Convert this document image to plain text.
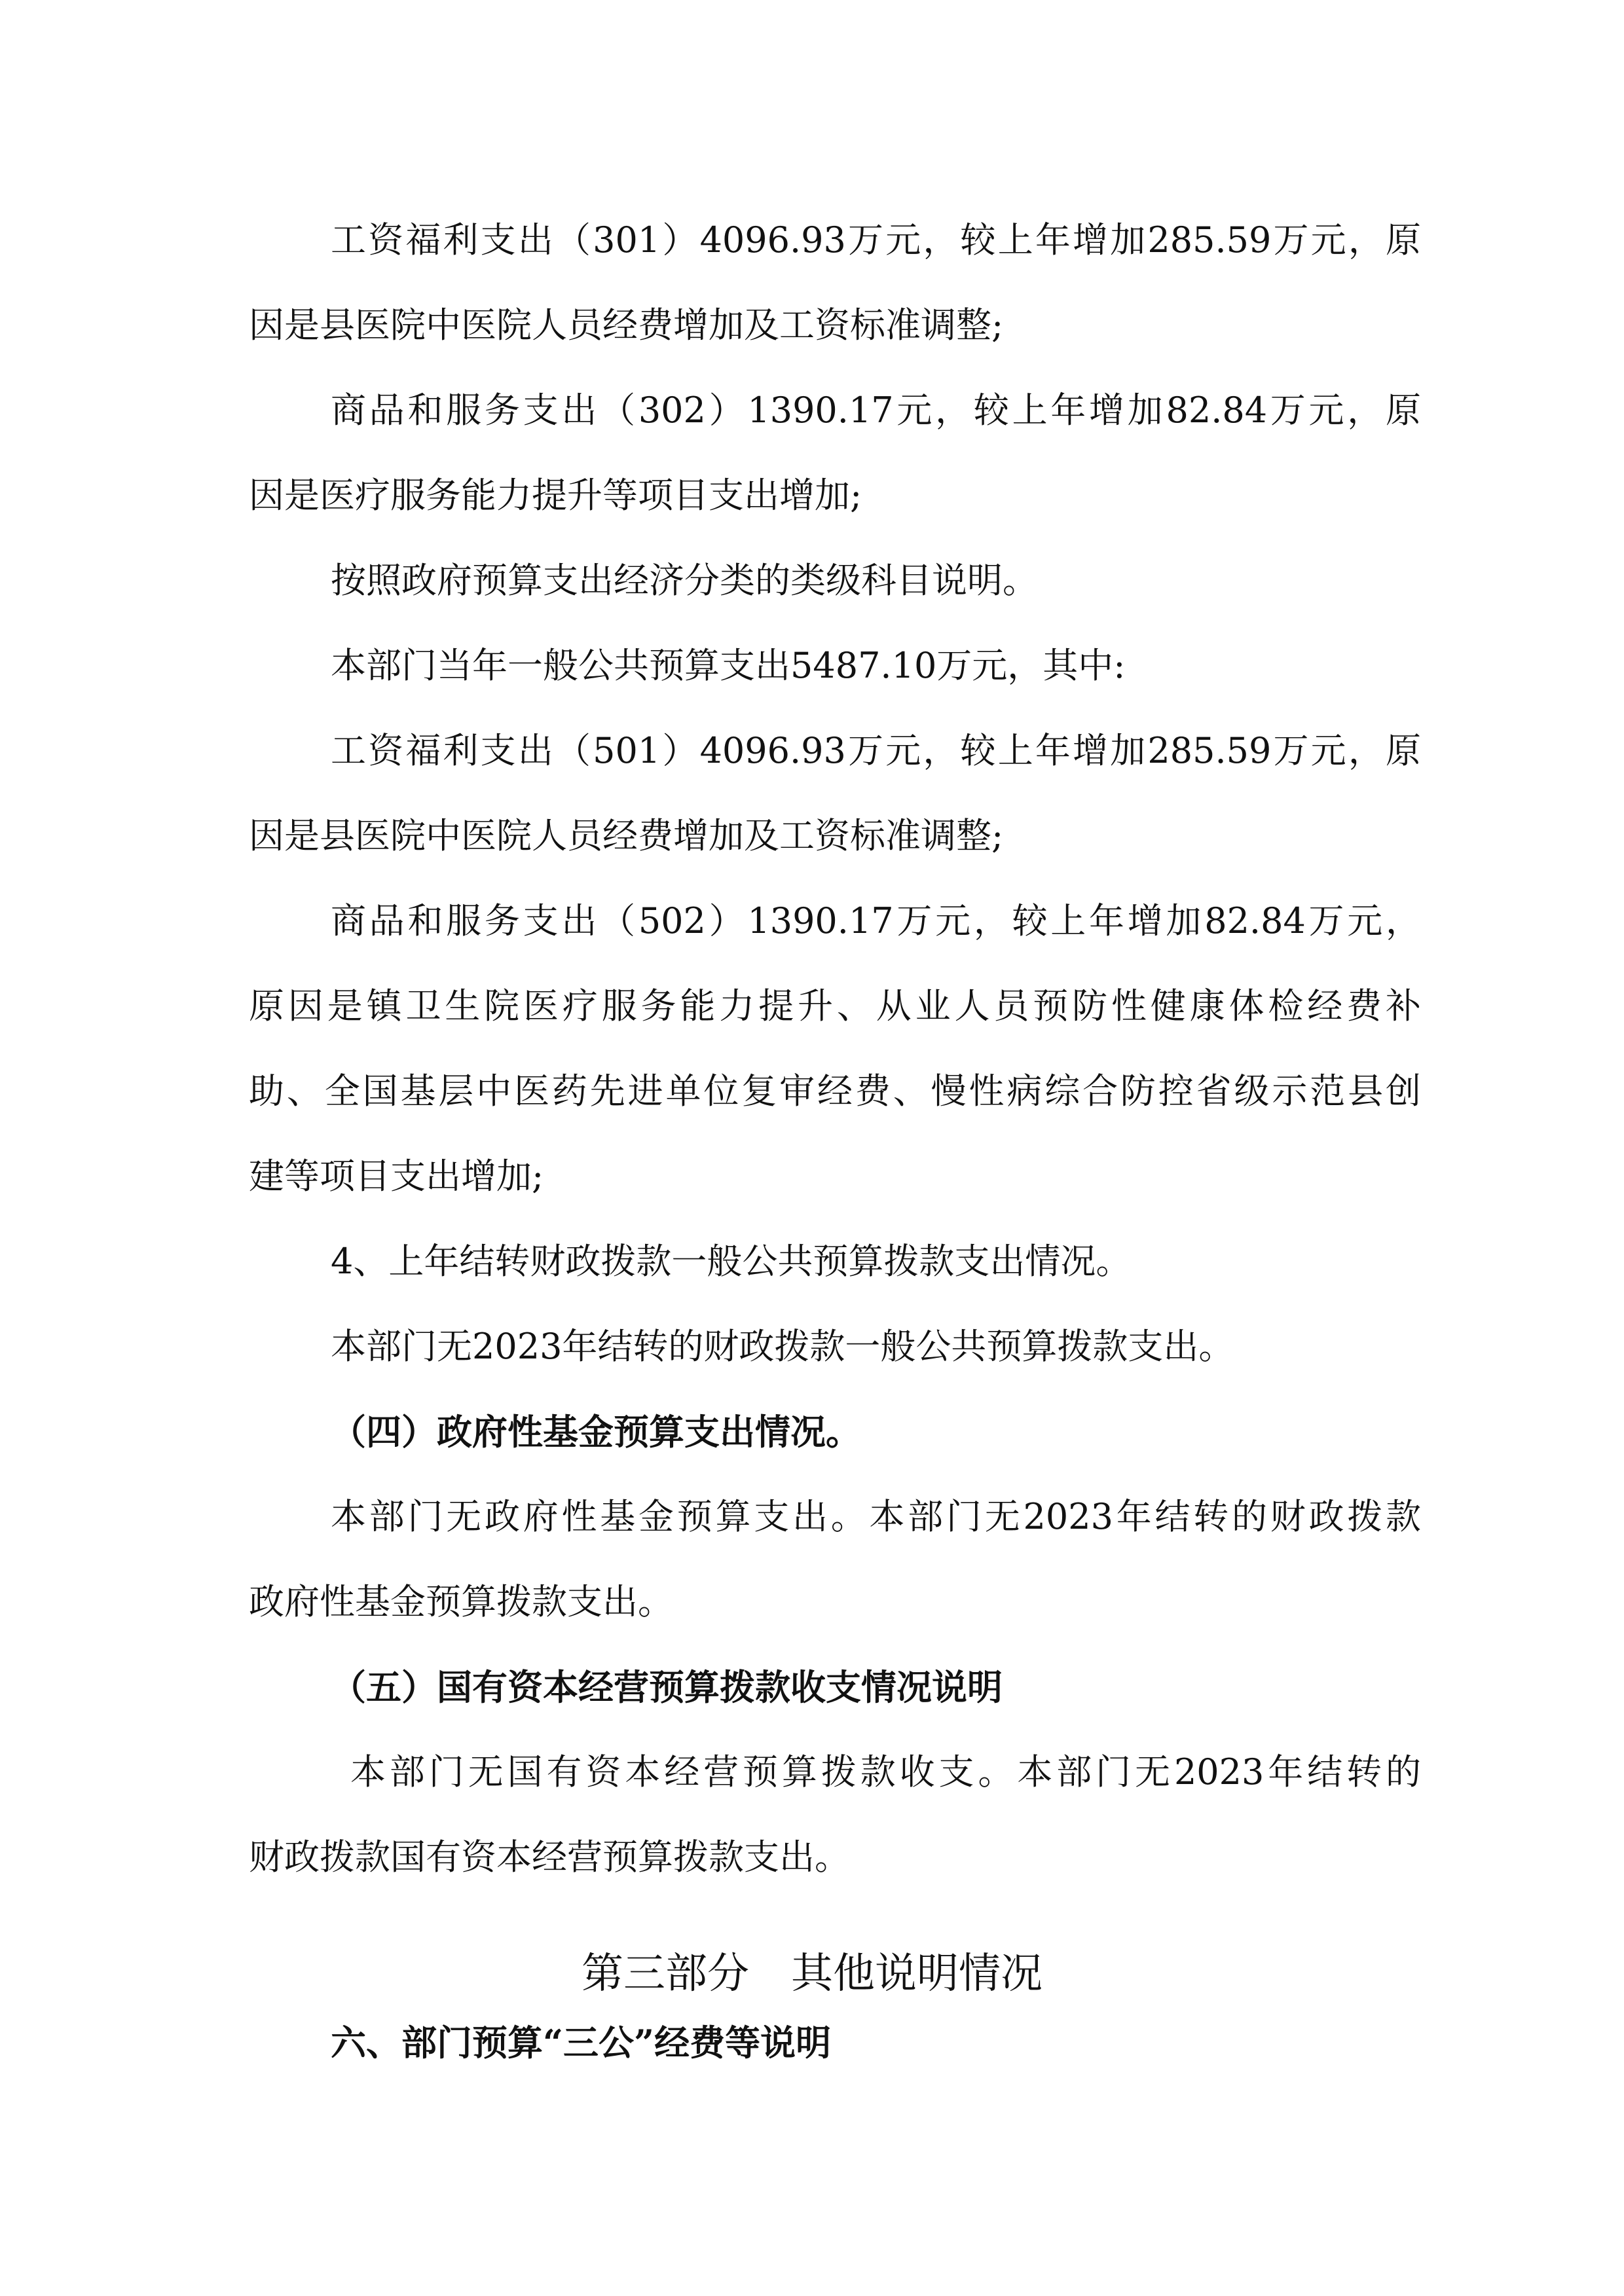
工资福利支出（301）4096.93万元，较上年增加285.59万元，原

因是县医院中医院人员经费增加及工资标准调整;

商品和服务支出（302）1390.17元，较上年增加82.84万元，原

因是医疗服务能力提升等项目支出增加;

按照政府预算支出经济分类的类级科目说明。

本部门当年一般公共预算支出5487.10万元，其中:

工资福利支出（501）4096.93万元，较上年增加285.59万元，原

因是县医院中医院人员经费增加及工资标准调整;

商品和服务支出（502）1390.17万元，较上年增加82.84万元，

原因是镇卫生院医疗服务能力提升、从业人员预防性健康体检经费补

助、全国基层中医药先进单位复审经费、慢性病综合防控省级示范县创

建等项目支出增加;

4、上年结转财政拨款一般公共预算拨款支出情况。

本部门无2023年结转的财政拨款一般公共预算拨款支出。

（四）政府性基金预算支出情况。

本部门无政府性基金预算支出。本部门无2023年结转的财政拨款

政府性基金预算拨款支出。

（五）国有资本经营预算拨款收支情况说明

本部门无国有资本经营预算拨款收支。本部门无2023年结转的

财政拨款国有资本经营预算拨款支出。

第三部分　其他说明情况

六、部门预算“三公”经费等说明
